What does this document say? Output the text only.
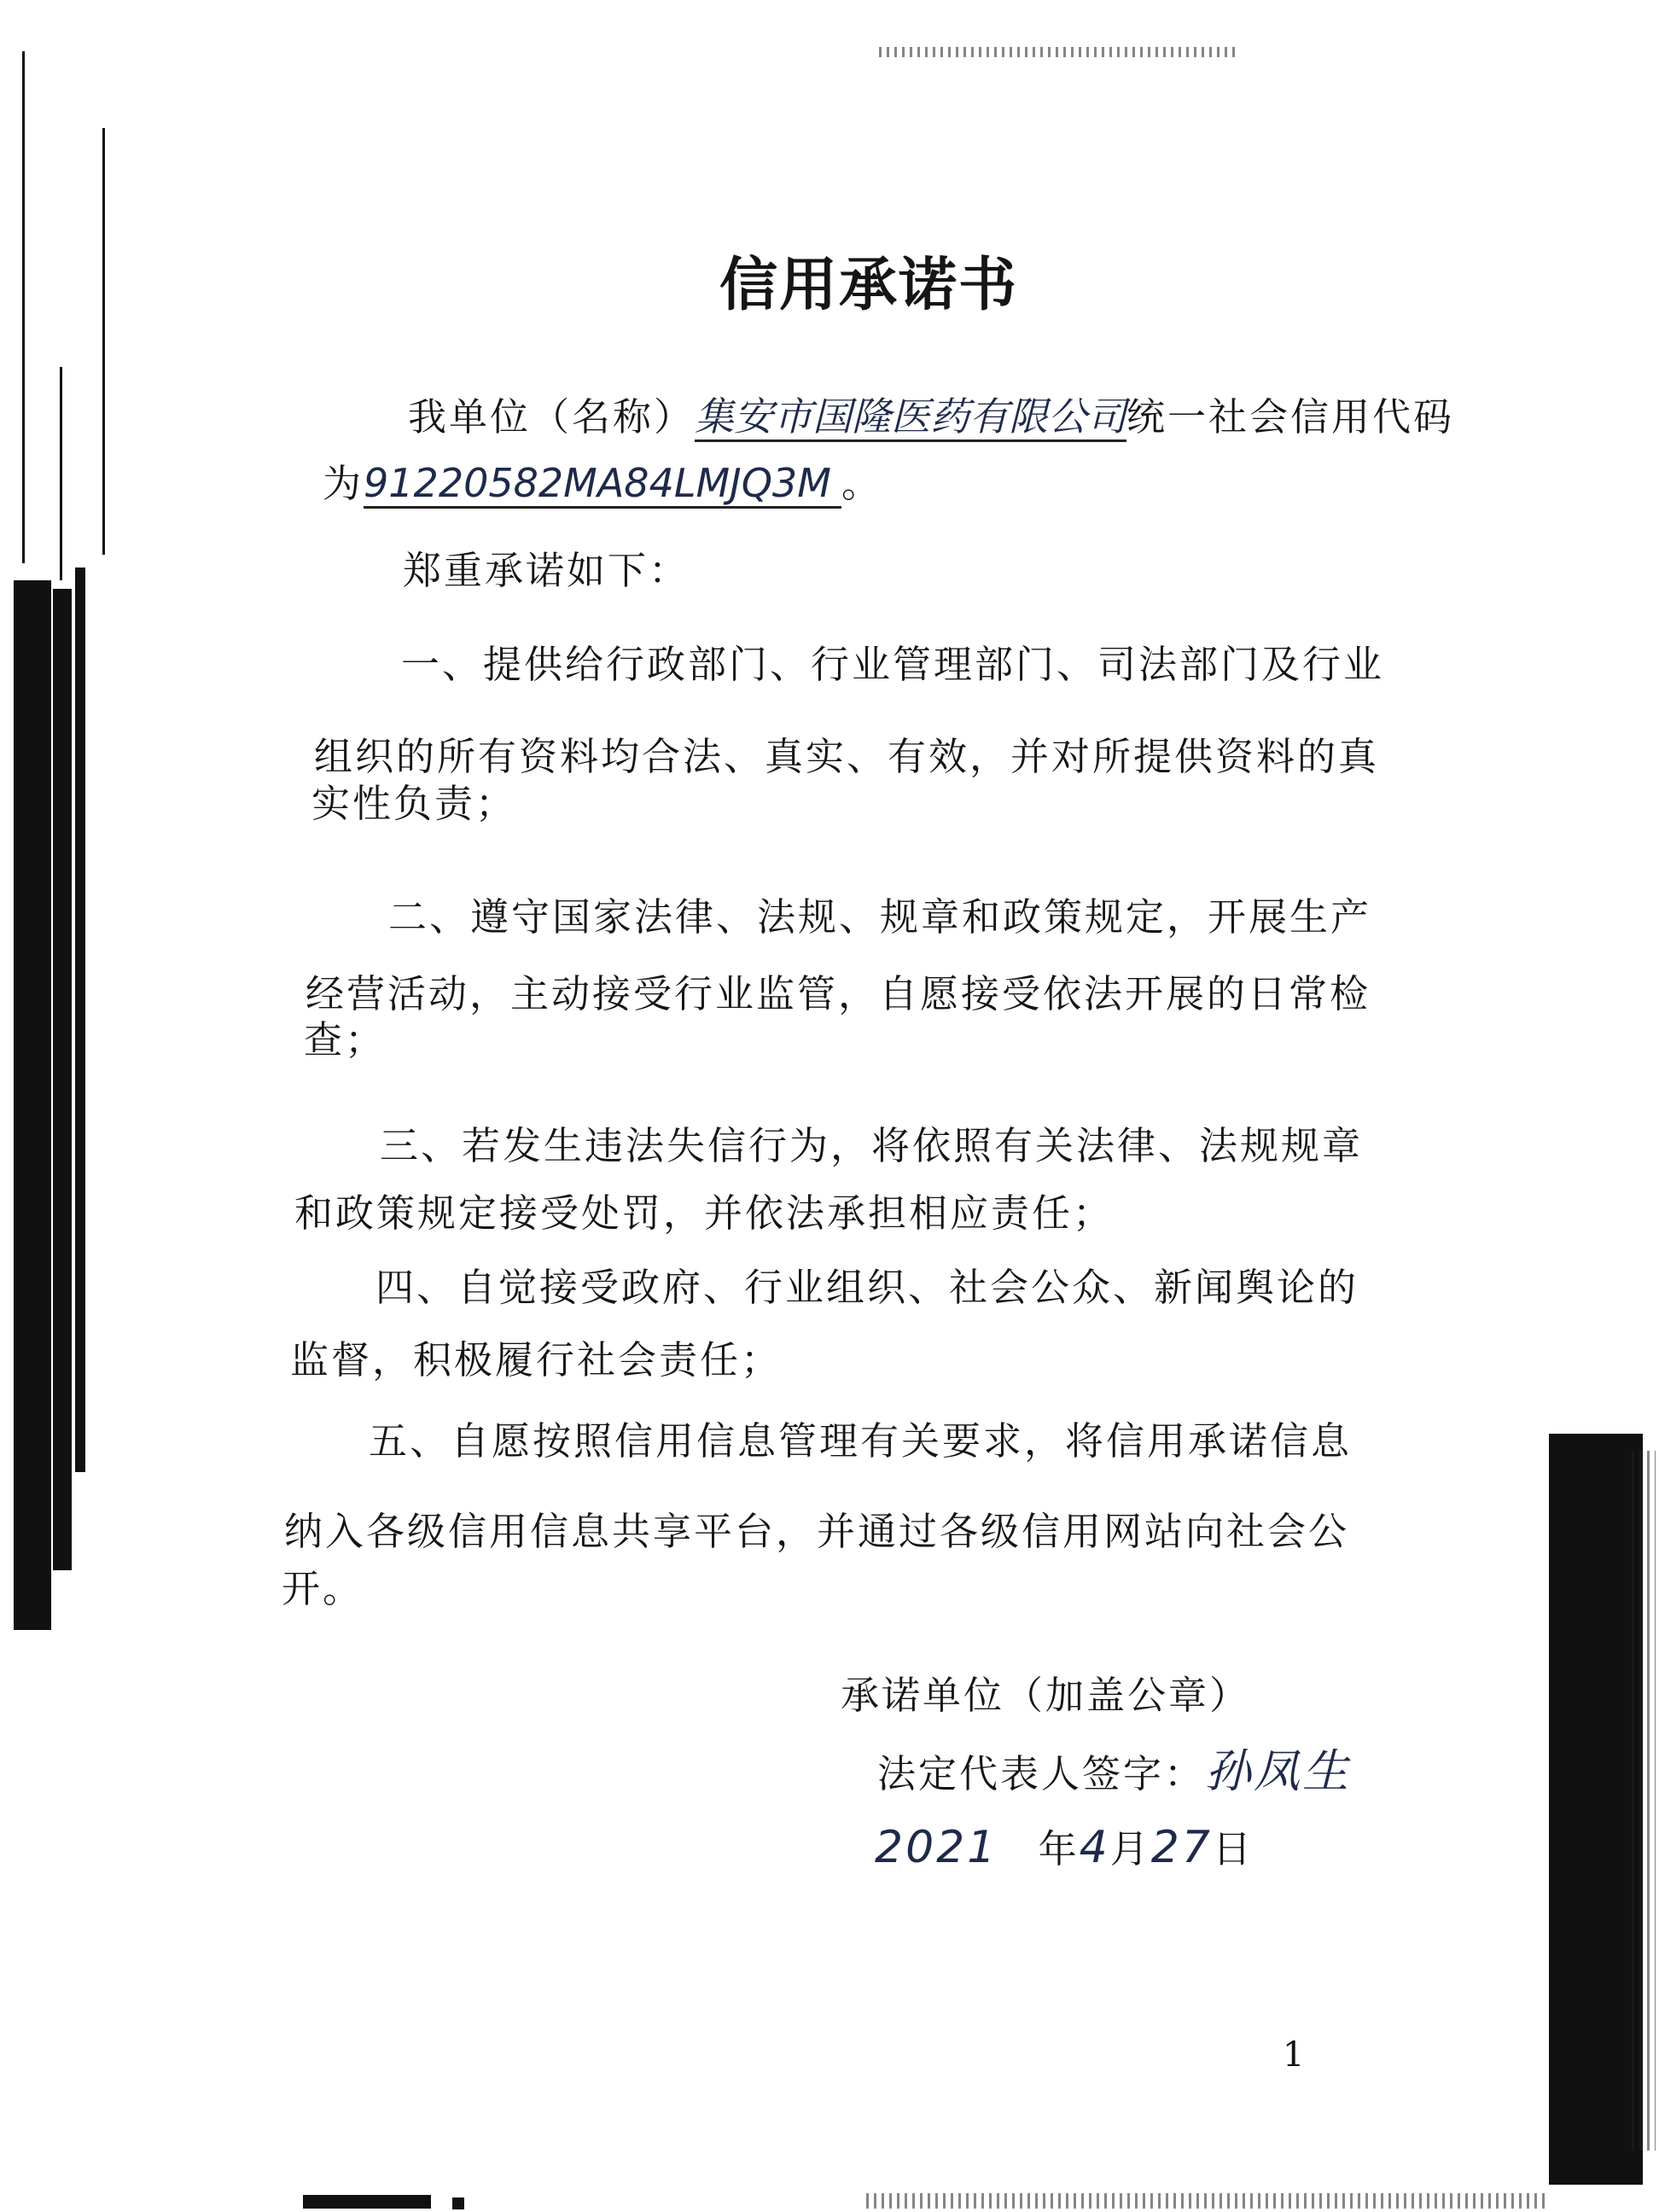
信用承诺书
我单位（名称）集安市国隆医药有限公司统一社会信用代码
为91220582MA84LMJQ3M 。
郑重承诺如下：
一、提供给行政部门、行业管理部门、司法部门及行业
组织的所有资料均合法、真实、有效，并对所提供资料的真
实性负责；
二、遵守国家法律、法规、规章和政策规定，开展生产
经营活动，主动接受行业监管，自愿接受依法开展的日常检
查；
三、若发生违法失信行为，将依照有关法律、法规规章
和政策规定接受处罚，并依法承担相应责任；
四、自觉接受政府、行业组织、社会公众、新闻舆论的
监督，积极履行社会责任；
五、自愿按照信用信息管理有关要求，将信用承诺信息
纳入各级信用信息共享平台，并通过各级信用网站向社会公
开。
承诺单位（加盖公章）
法定代表人签字：孙凤生
2021 年4月27日
1
